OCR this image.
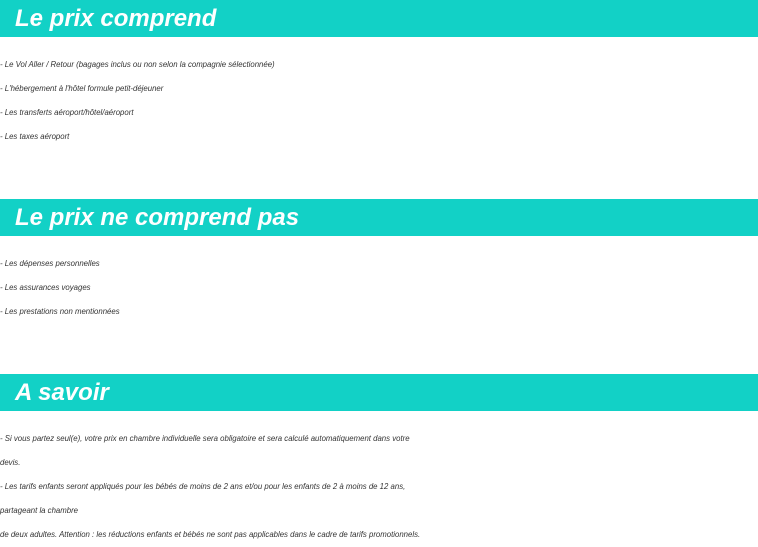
Le prix comprend
- Le Vol Aller / Retour (bagages inclus ou non selon la compagnie sélectionnée)
- L'hébergement à l'hôtel formule petit-déjeuner
- Les transferts aéroport/hôtel/aéroport
- Les taxes aéroport
Le prix ne comprend pas
- Les dépenses personnelles
- Les assurances voyages
- Les prestations non mentionnées
A savoir
- Si vous partez seul(e), votre prix en chambre individuelle sera obligatoire et sera calculé automatiquement dans votre
devis.
- Les tarifs enfants seront appliqués pour les bébés de moins de 2 ans et/ou pour les enfants de 2 à moins de 12 ans,
partageant la chambre
de deux adultes. Attention : les réductions enfants et bébés ne sont pas applicables dans le cadre de tarifs promotionnels.
